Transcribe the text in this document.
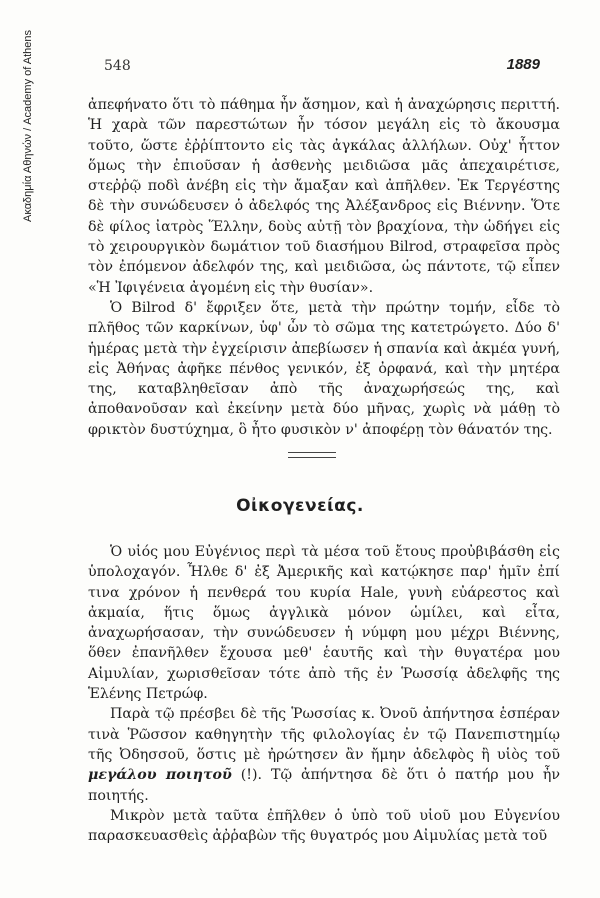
Ακαδημία Αθηνών / Academy of Athens	548	1889

ἀπεφήνατο ὅτι τὸ πάθημα ἦν ἄσημον, καὶ ἡ ἀναχώρησις περιττή. Ἡ χαρὰ τῶν παρεστώτων ἦν τόσον μεγάλη εἰς τὸ ἄκουσμα τοῦτο, ὥστε ἐῤῥίπτοντο εἰς τὰς ἀγκάλας ἀλλήλων. Οὐχ' ἧττον ὅμως τὴν ἐπιοῦσαν ἡ ἀσθενὴς μειδιῶσα μᾶς ἀπεχαιρέτισε, στεῤῥῷ ποδὶ ἀνέβη εἰς τὴν ἄμαξαν καὶ ἀπῆλθεν. Ἐκ Τεργέστης δὲ τὴν συνώδευσεν ὁ ἀδελφός της Ἀλέξανδρος εἰς Βιέννην. Ὅτε δὲ φίλος ἰατρὸς Ἕλλην, δοὺς αὐτῇ τὸν βραχίονα, τὴν ὡδήγει εἰς τὸ χειρουργικὸν δωμάτιον τοῦ διασήμου Bilrod, στραφεῖσα πρὸς τὸν ἐπόμενον ἀδελφόν της, καὶ μειδιῶσα, ὡς πάντοτε, τῷ εἶπεν «Ἡ Ἰφιγένεια ἀγομένη εἰς τὴν θυσίαν».

Ὁ Bilrod δ' ἔφριξεν ὅτε, μετὰ τὴν πρώτην τομήν, εἶδε τὸ πλῆθος τῶν καρκίνων, ὑφ' ὧν τὸ σῶμα της κατετρώγετο. Δύο δ' ἡμέρας μετὰ τὴν ἐγχείρισιν ἀπεβίωσεν ἡ σπανία καὶ ἀκμέα γυνή, εἰς Ἀθήνας ἀφῆκε πένθος γενικόν, ἐξ ὀρφανά, καὶ τὴν μητέρα της, καταβληθεῖσαν ἀπὸ τῆς ἀναχωρήσεώς της, καὶ ἀποθανοῦσαν καὶ ἐκείνην μετὰ δύο μῆνας, χωρὶς νὰ μάθῃ τὸ φρικτὸν δυστύχημα, ὃ ἦτο φυσικὸν ν' ἀποφέρῃ τὸν θάνατόν της.

Οἰκογενείας.

Ὁ υἱός μου Εὐγένιος περὶ τὰ μέσα τοῦ ἔτους προὐβιβάσθη εἰς ὑπολοχαγόν. Ἦλθε δ' ἐξ Ἀμερικῆς καὶ κατῴκησε παρ' ἡμῖν ἐπί τινα χρόνον ἡ πενθερά του κυρία Hale, γυνὴ εὐάρεστος καὶ ἀκμαία, ἥτις ὅμως ἀγγλικὰ μόνον ὡμίλει, καὶ εἶτα, ἀναχωρήσασαν, τὴν συνώδευσεν ἡ νύμφη μου μέχρι Βιέννης, ὅθεν ἐπανῆλθεν ἔχουσα μεθ' ἑαυτῆς καὶ τὴν θυγατέρα μου Αἰμυλίαν, χωρισθεῖσαν τότε ἀπὸ τῆς ἐν Ῥωσσίᾳ ἀδελφῆς της Ἑλένης Πετρώφ.

Παρὰ τῷ πρέσβει δὲ τῆς Ῥωσσίας κ. Ὀνοῦ ἀπήντησα ἑσπέραν τινὰ Ῥῶσσον καθηγητὴν τῆς φιλολογίας ἐν τῷ Πανεπιστημίῳ τῆς Ὀδησσοῦ, ὅστις μὲ ἠρώτησεν ἂν ἤμην ἀδελφὸς ἢ υἱὸς τοῦ μεγάλου ποιητοῦ (!). Τῷ ἀπήντησα δὲ ὅτι ὁ πατήρ μου ἦν ποιητής.

Μικρὸν μετὰ ταῦτα ἐπῆλθεν ὁ ὑπὸ τοῦ υἱοῦ μου Εὐγενίου παρασκευασθεὶς ἀῤῥαβὼν τῆς θυγατρός μου Αἰμυλίας μετὰ τοῦ
